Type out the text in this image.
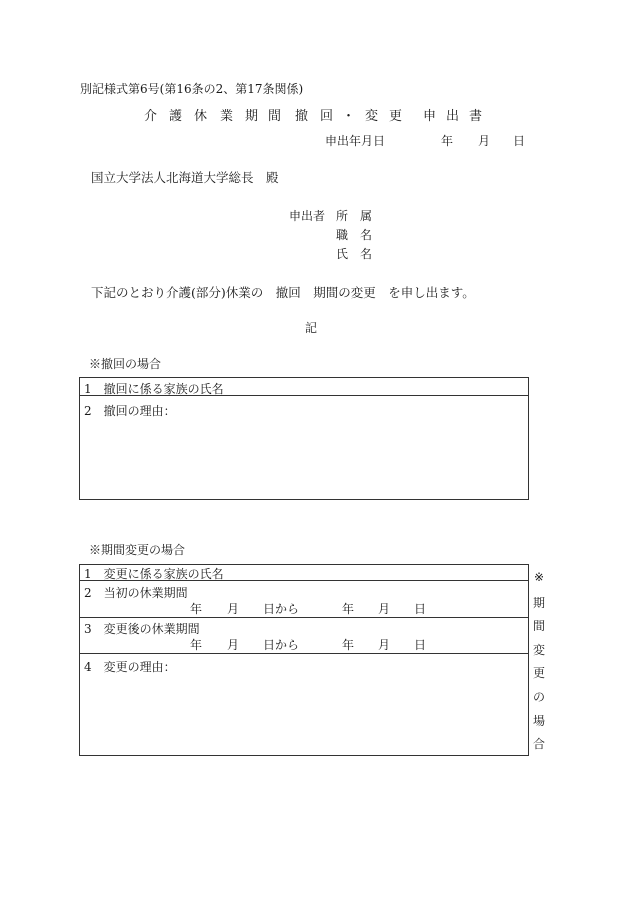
別記様式第6号(第16条の2、第17条関係)
介 護 休 業 期 間 撤 回 ・ 変 更 申 出 書
申出年月日	年 月 日
国立大学法人北海道大学総長　殿
申出者 所　属
職　名
氏　名
下記のとおり介護(部分)休業の　撤回　期間の変更　を申し出ます。
記
※撤回の場合
1　撤回に係る家族の氏名
2　撤回の理由：
※期間変更の場合
1　変更に係る家族の氏名
2　当初の休業期間
年 月 日から	年 月 日
3　変更後の休業期間
年 月 日から	年 月 日
4　変更の理由：
※
期
間
変
更
の
場
合
